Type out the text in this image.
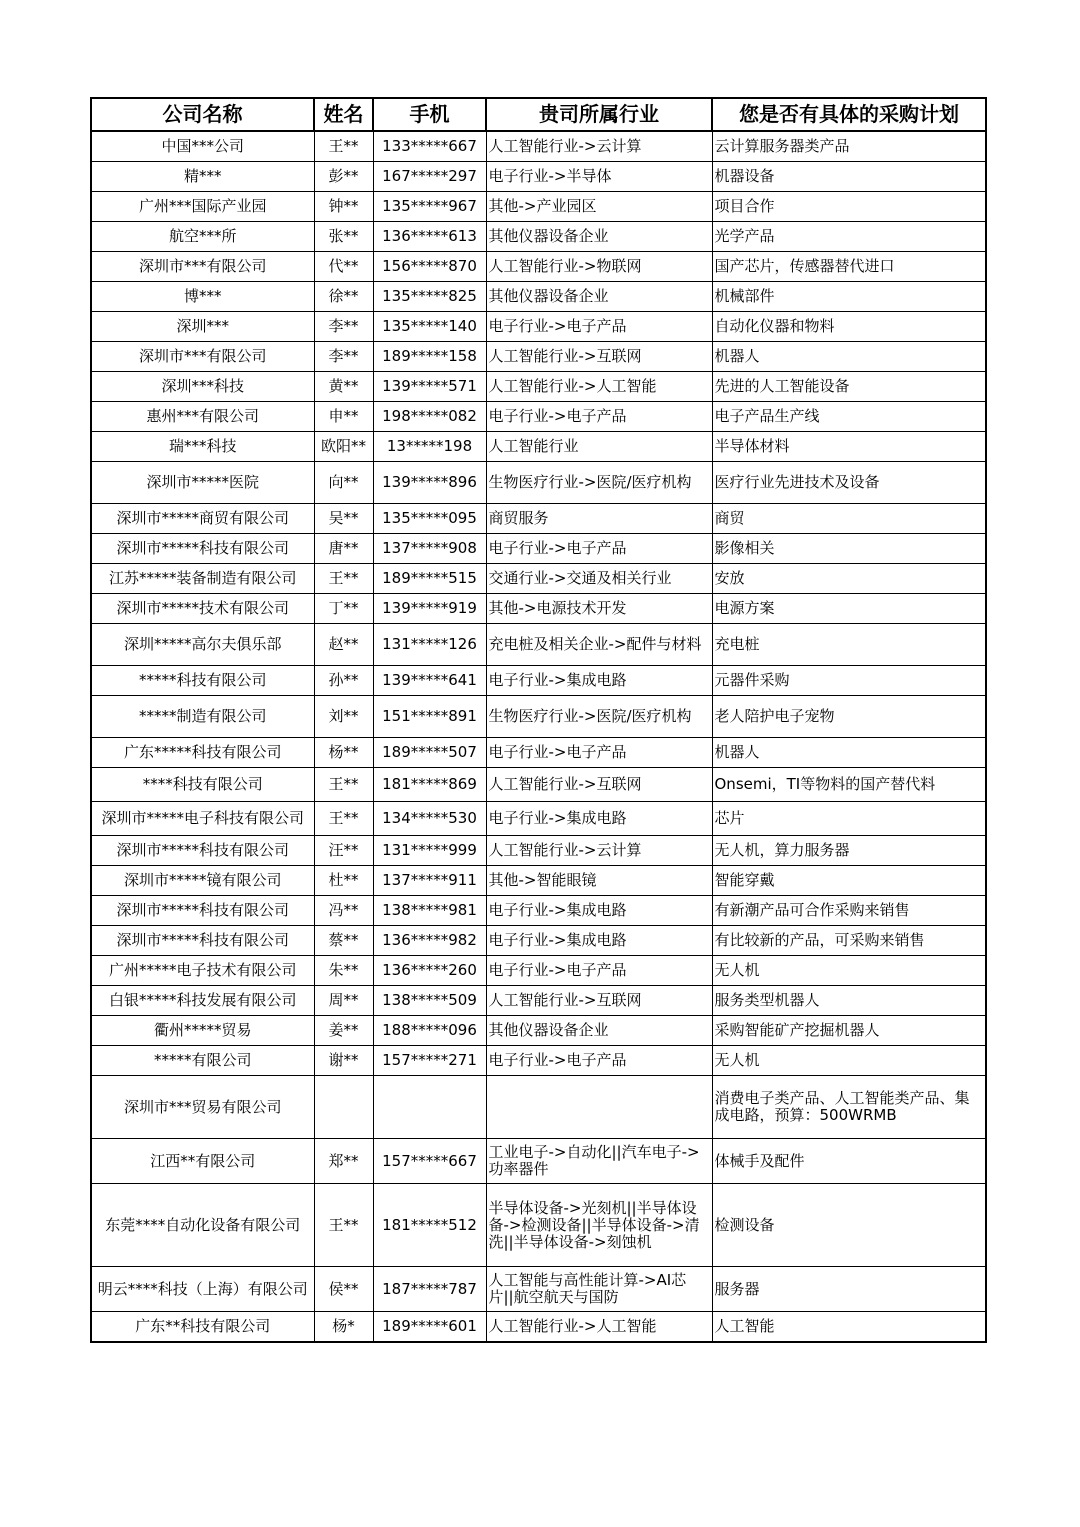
公司名称	姓名	手机	贵司所属行业	您是否有具体的采购计划
中国***公司	王**	133*****667	人工智能行业->云计算	云计算服务器类产品
精***	彭**	167*****297	电子行业->半导体	机器设备
广州***国际产业园	钟**	135*****967	其他->产业园区	项目合作
航空***所	张**	136*****613	其他仪器设备企业	光学产品
深圳市***有限公司	代**	156*****870	人工智能行业->物联网	国产芯片，传感器替代进口
博***	徐**	135*****825	其他仪器设备企业	机械部件
深圳***	李**	135*****140	电子行业->电子产品	自动化仪器和物料
深圳市***有限公司	李**	189*****158	人工智能行业->互联网	机器人
深圳***科技	黄**	139*****571	人工智能行业->人工智能	先进的人工智能设备
惠州***有限公司	申**	198*****082	电子行业->电子产品	电子产品生产线
瑞***科技	欧阳**	13*****198	人工智能行业	半导体材料
深圳市*****医院	向**	139*****896	生物医疗行业->医院/医疗机构	医疗行业先进技术及设备
深圳市*****商贸有限公司	吴**	135*****095	商贸服务	商贸
深圳市*****科技有限公司	唐**	137*****908	电子行业->电子产品	影像相关
江苏*****装备制造有限公司	王**	189*****515	交通行业->交通及相关行业	安放
深圳市*****技术有限公司	丁**	139*****919	其他->电源技术开发	电源方案
深圳*****高尔夫俱乐部	赵**	131*****126	充电桩及相关企业->配件与材料	充电桩
*****科技有限公司	孙**	139*****641	电子行业->集成电路	元器件采购
*****制造有限公司	刘**	151*****891	生物医疗行业->医院/医疗机构	老人陪护电子宠物
广东*****科技有限公司	杨**	189*****507	电子行业->电子产品	机器人
****科技有限公司	王**	181*****869	人工智能行业->互联网	Onsemi，TI等物料的国产替代料
深圳市*****电子科技有限公司	王**	134*****530	电子行业->集成电路	芯片
深圳市*****科技有限公司	汪**	131*****999	人工智能行业->云计算	无人机，算力服务器
深圳市*****镜有限公司	杜**	137*****911	其他->智能眼镜	智能穿戴
深圳市*****科技有限公司	冯**	138*****981	电子行业->集成电路	有新潮产品可合作采购来销售
深圳市*****科技有限公司	蔡**	136*****982	电子行业->集成电路	有比较新的产品，可采购来销售
广州*****电子技术有限公司	朱**	136*****260	电子行业->电子产品	无人机
白银*****科技发展有限公司	周**	138*****509	人工智能行业->互联网	服务类型机器人
衢州*****贸易	姜**	188*****096	其他仪器设备企业	采购智能矿产挖掘机器人
*****有限公司	谢**	157*****271	电子行业->电子产品	无人机
深圳市***贸易有限公司				消费电子类产品、人工智能类产品、集成电路，预算：500WRMB
江西**有限公司	郑**	157*****667	工业电子->自动化||汽车电子->功率器件	体械手及配件
东莞****自动化设备有限公司	王**	181*****512	半导体设备->光刻机||半导体设备->检测设备||半导体设备->清洗||半导体设备->刻蚀机	检测设备
明云****科技（上海）有限公司	侯**	187*****787	人工智能与高性能计算->AI芯片||航空航天与国防	服务器
广东**科技有限公司	杨*	189*****601	人工智能行业->人工智能	人工智能
